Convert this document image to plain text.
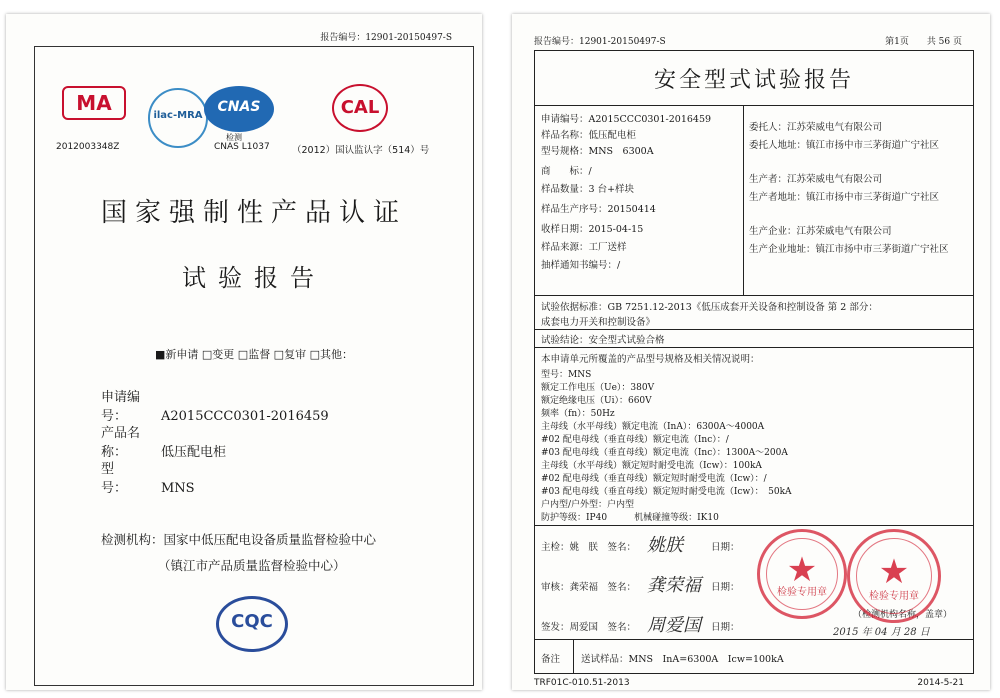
报告编号：12901-20150497-S
MA
2012003348Z
ilac-MRA
CNAS
检测
CNAS L1037
CAL
（2012）国认监认字（514）号
国家强制性产品认证
试验报告
■新申请 □变更 □监督 □复审 □其他：
申请编号：	A2015CCC0301-2016459
产品名称：	低压配电柜
型　　号：	MNS
检测机构：国家中低压配电设备质量监督检验中心
（镇江市产品质量监督检验中心）
CQC
报告编号：12901-20150497-S	第1页　　共 56 页
安全型式试验报告
申请编号：A2015CCC0301-2016459
样品名称：低压配电柜
型号规格：MNS　6300A
商　　标：/
样品数量：3 台+样块
样品生产序号：20150414
收样日期：2015-04-15
样品来源：工厂送样
抽样通知书编号：/
委托人：江苏荣威电气有限公司
委托人地址：镇江市扬中市三茅街道广宁社区
生产者：江苏荣威电气有限公司
生产者地址：镇江市扬中市三茅街道广宁社区
生产企业：江苏荣威电气有限公司
生产企业地址：镇江市扬中市三茅街道广宁社区
试验依据标准：GB 7251.12-2013《低压成套开关设备和控制设备 第 2 部分：
成套电力开关和控制设备》
试验结论：安全型式试验合格
本申请单元所覆盖的产品型号规格及相关情况说明：
型号：MNS
额定工作电压（Ue）：380V
额定绝缘电压（Ui）：660V
频率（fn）：50Hz
主母线（水平母线）额定电流（InA）：6300A～4000A
#02 配电母线（垂直母线）额定电流（Inc）：/
#03 配电母线（垂直母线）额定电流（Inc）：1300A～200A
主母线（水平母线）额定短时耐受电流（Icw）：100kA
#02 配电母线（垂直母线）额定短时耐受电流（Icw）：/
#03 配电母线（垂直母线）额定短时耐受电流（Icw）：　50kA
户内型/户外型：户内型
防护等级：IP40　　　机械碰撞等级：IK10
主检：姚　朕　签名： 姚朕	日期：
审核：龚荣福　签名： 龚荣福 日期：
签发：周爱国　签名： 周爱国 日期：
（检测机构名称，盖章）
2015 年 04 月 28 日
★
检验专用章
★
检验专用章
备注 送试样品：MNS　InA=6300A　Icw=100kA
TRF01C-010.51-2013	2014-5-21
